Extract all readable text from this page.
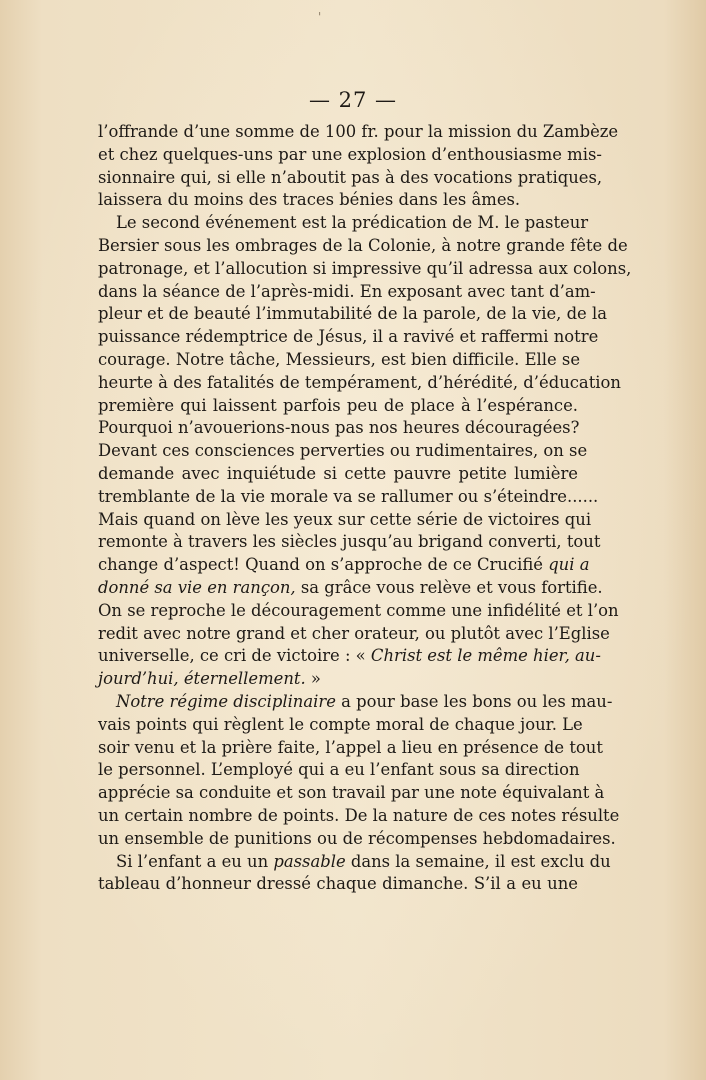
'
— 27 —
l’offrande d’une somme de 100 fr. pour la mission du Zambèze
et chez quelques-uns par une explosion d’enthousiasme mis-
sionnaire qui, si elle n’aboutit pas à des vocations pratiques,
laissera du moins des traces bénies dans les âmes.
Le second événement est la prédication de M. le pasteur
Bersier sous les ombrages de la Colonie, à notre grande fête de
patronage, et l’allocution si impressive qu’il adressa aux colons,
dans la séance de l’après-midi. En exposant avec tant d’am-
pleur et de beauté l’immutabilité de la parole, de la vie, de la
puissance rédemptrice de Jésus, il a ravivé et raffermi notre
courage. Notre tâche, Messieurs, est bien difficile. Elle se
heurte à des fatalités de tempérament, d’hérédité, d’éducation
première qui laissent parfois peu de place à l’espérance.
Pourquoi n’avouerions-nous pas nos heures découragées?
Devant ces consciences perverties ou rudimentaires, on se
demande avec inquiétude si cette pauvre petite lumière
tremblante de la vie morale va se rallumer ou s’éteindre......
Mais quand on lève les yeux sur cette série de victoires qui
remonte à travers les siècles jusqu’au brigand converti, tout
change d’aspect! Quand on s’approche de ce Crucifié qui a
donné sa vie en rançon, sa grâce vous relève et vous fortifie.
On se reproche le découragement comme une infidélité et l’on
redit avec notre grand et cher orateur, ou plutôt avec l’Eglise
universelle, ce cri de victoire : « Christ est le même hier, au-
jourd’hui, éternellement. »
Notre régime disciplinaire a pour base les bons ou les mau-
vais points qui règlent le compte moral de chaque jour. Le
soir venu et la prière faite, l’appel a lieu en présence de tout
le personnel. L’employé qui a eu l’enfant sous sa direction
apprécie sa conduite et son travail par une note équivalant à
un certain nombre de points. De la nature de ces notes résulte
un ensemble de punitions ou de récompenses hebdomadaires.
Si l’enfant a eu un passable dans la semaine, il est exclu du
tableau d’honneur dressé chaque dimanche. S’il a eu une
